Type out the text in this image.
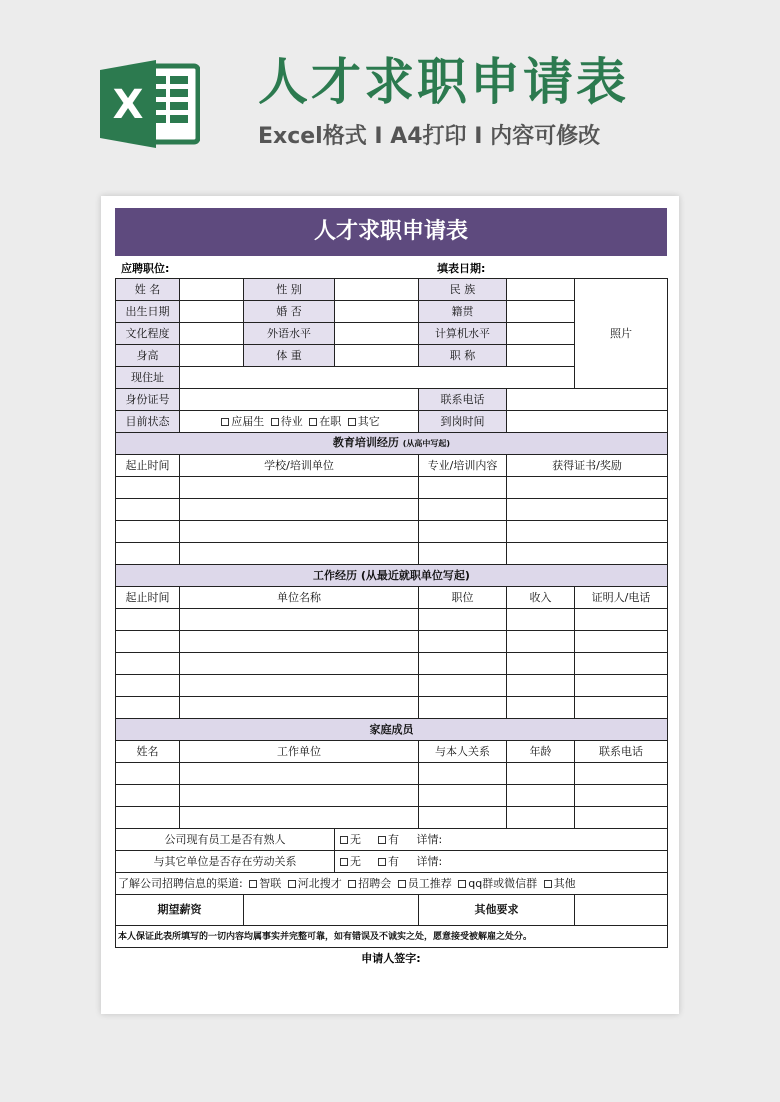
X 人才求职申请表
Excel格式 I A4打印 I 内容可修改
人才求职申请表
应聘职位:	填表日期:
姓 名		性 别		民 族		照片
出生日期		婚 否		籍贯		
文化程度		外语水平		计算机水平		
身高		体 重		职 称		
现住址						
身份证号				联系电话		
目前状态	应届生 待业 在职 其它			到岗时间		
教育培训经历 (从高中写起)						
起止时间	学校/培训单位			专业/培训内容	获得证书/奖励	

工作经历 (从最近就职单位写起)						
起止时间	单位名称			职位	收入	证明人/电话

家庭成员						
姓名	工作单位			与本人关系	年龄	联系电话

公司现有员工是否有熟人			无 有 详情:			
与其它单位是否存在劳动关系			无 有 详情:			
了解公司招聘信息的渠道: 智联 河北搜才 招聘会 员工推荐 qq群或微信群 其他						
期望薪资				其他要求		
本人保证此表所填写的一切内容均属事实并完整可靠，如有错误及不诚实之处，愿意接受被解雇之处分。						
申请人签字:
